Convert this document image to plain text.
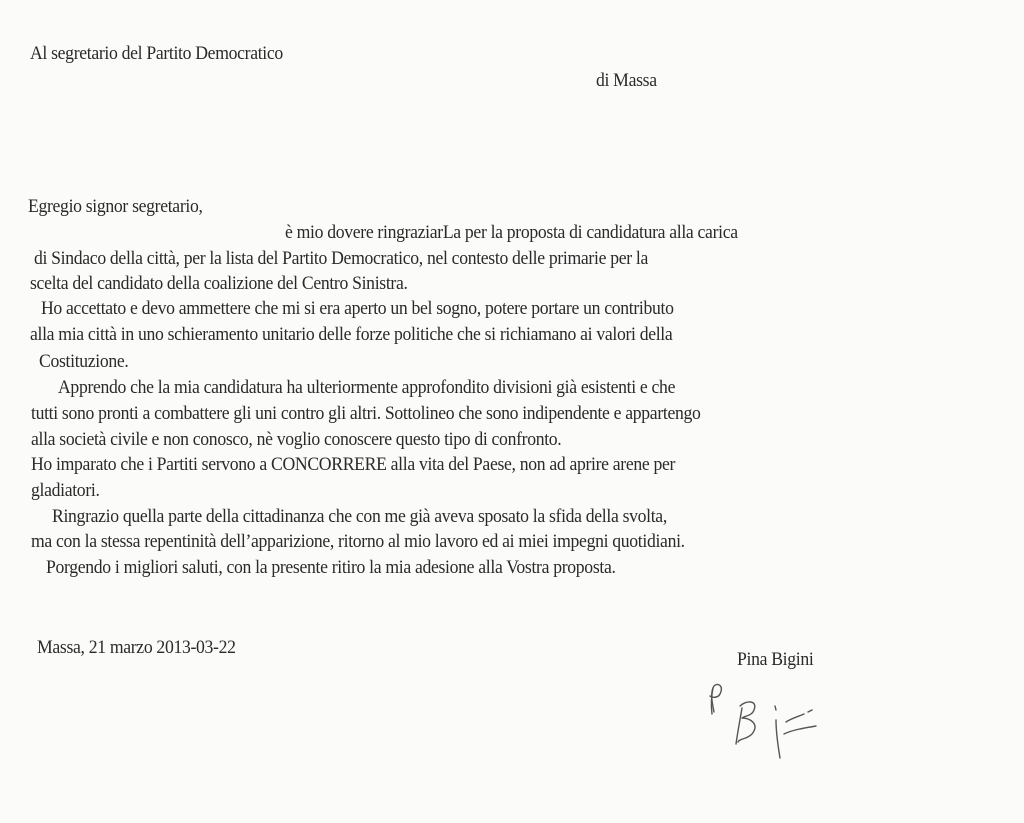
Al segretario del Partito Democratico
di Massa
Egregio signor segretario,
è mio dovere ringraziarLa per la proposta di candidatura alla carica
di Sindaco della città, per la lista del Partito Democratico, nel contesto delle primarie per la
scelta del candidato della coalizione del Centro Sinistra.
Ho accettato e devo ammettere che mi si era aperto un bel sogno, potere portare un contributo
alla mia città in uno schieramento unitario delle forze politiche che si richiamano ai valori della
Costituzione.
Apprendo che la mia candidatura ha ulteriormente approfondito divisioni già esistenti e che
tutti sono pronti a combattere gli uni contro gli altri. Sottolineo che sono indipendente e appartengo
alla società civile e non conosco, nè voglio conoscere questo tipo di confronto.
Ho imparato che i Partiti servono a CONCORRERE alla vita del Paese, non ad aprire arene per
gladiatori.
Ringrazio quella parte della cittadinanza che con me già aveva sposato la sfida della svolta,
ma con la stessa repentinità dell’apparizione, ritorno al mio lavoro ed ai miei impegni quotidiani.
Porgendo i migliori saluti, con la presente ritiro la mia adesione alla Vostra proposta.
Massa, 21 marzo 2013-03-22
Pina Bigini
